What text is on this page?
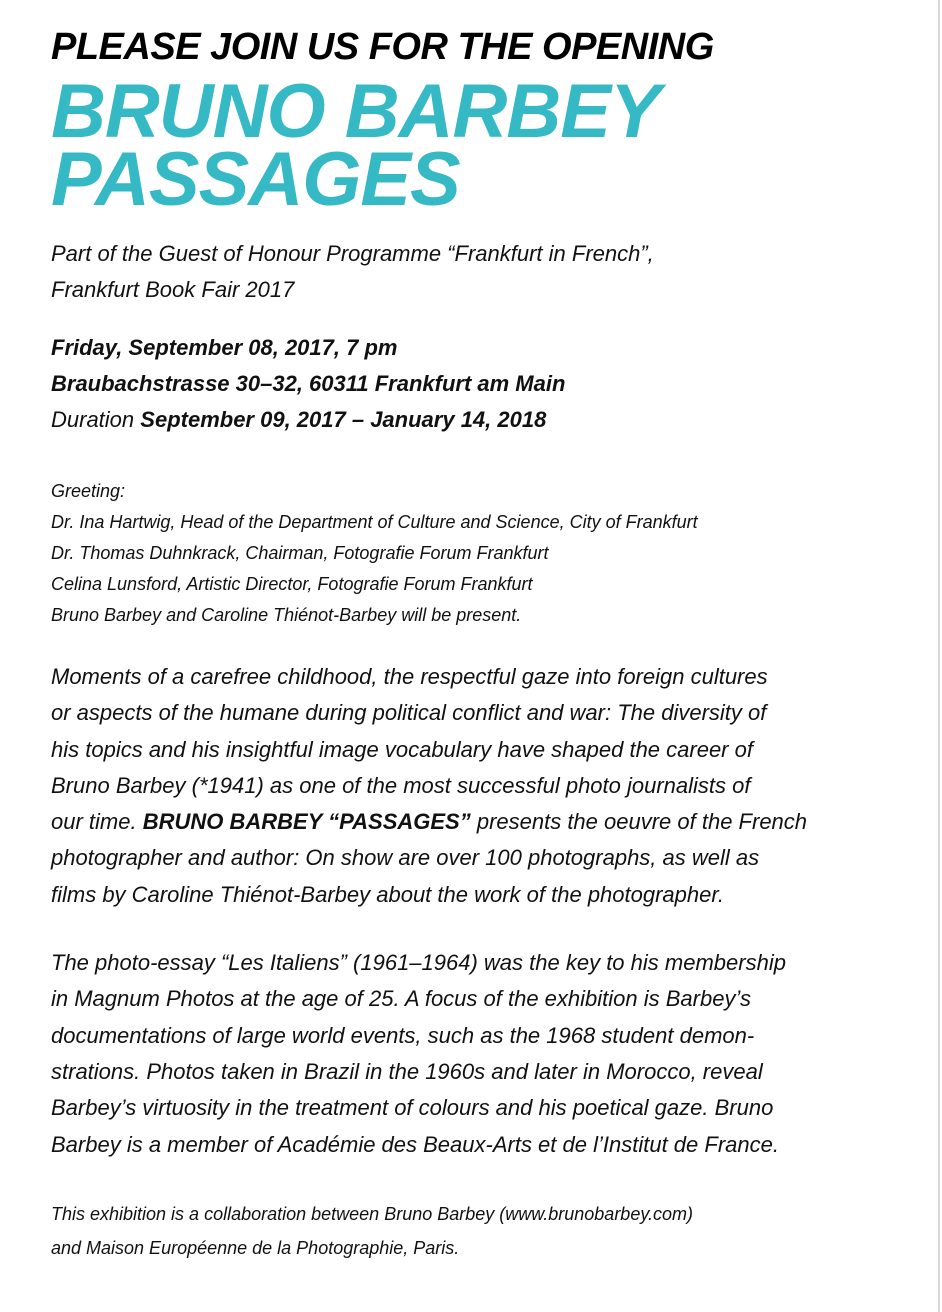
PLEASE JOIN US FOR THE OPENING
BRUNO BARBEY
PASSAGES
Part of the Guest of Honour Programme “Frankfurt in French”,
Frankfurt Book Fair 2017
Friday, September 08, 2017, 7 pm
Braubachstrasse 30–32, 60311 Frankfurt am Main
Duration September 09, 2017 – January 14, 2018
Greeting:
Dr. Ina Hartwig, Head of the Department of Culture and Science, City of Frankfurt
Dr. Thomas Duhnkrack, Chairman, Fotografie Forum Frankfurt
Celina Lunsford, Artistic Director, Fotografie Forum Frankfurt
Bruno Barbey and Caroline Thiénot-Barbey will be present.
Moments of a carefree childhood, the respectful gaze into foreign cultures
or aspects of the humane during political conflict and war: The diversity of
his topics and his insightful image vocabulary have shaped the career of
Bruno Barbey (*1941) as one of the most successful photo journalists of
our time. BRUNO BARBEY “PASSAGES” presents the oeuvre of the French
photographer and author: On show are over 100 photographs, as well as
films by Caroline Thiénot-Barbey about the work of the photographer.
The photo-essay “Les Italiens” (1961–1964) was the key to his membership
in Magnum Photos at the age of 25. A focus of the exhibition is Barbey’s
documentations of large world events, such as the 1968 student demon-
strations. Photos taken in Brazil in the 1960s and later in Morocco, reveal
Barbey’s virtuosity in the treatment of colours and his poetical gaze. Bruno
Barbey is a member of Académie des Beaux-Arts et de l’Institut de France.
This exhibition is a collaboration between Bruno Barbey (www.brunobarbey.com)
and Maison Européenne de la Photographie, Paris.
